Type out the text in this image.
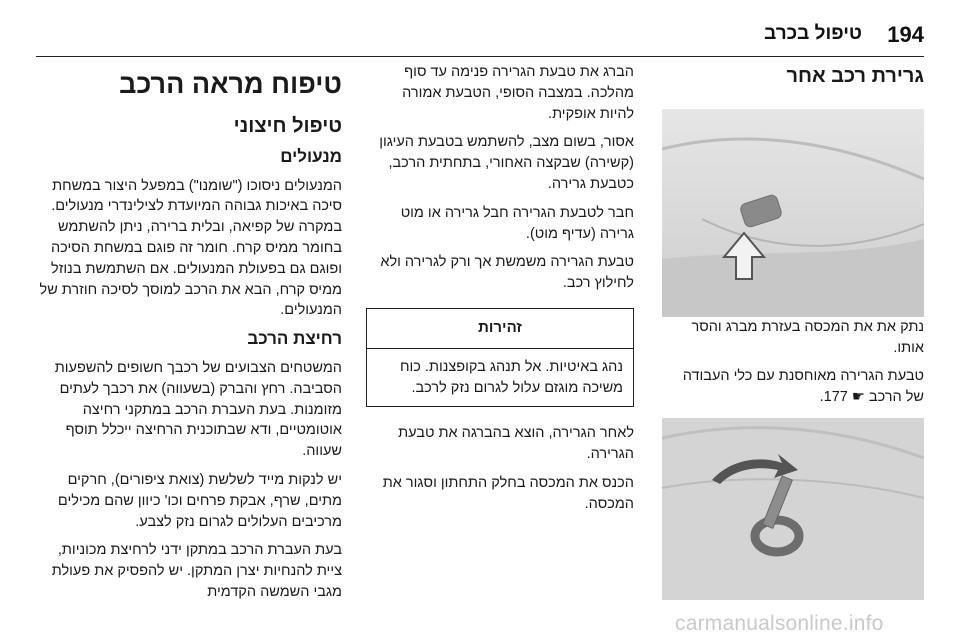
194
טיפול בכרב
גרירת רכב אחר

נתק את את המכסה בעזרת מברג והסר אותו.

טבעת הגרירה מאוחסנת עם כלי העבודה של הרכב ☛ 177.

הברג את טבעת הגרירה פנימה עד סוף מהלכה. במצבה הסופי, הטבעת אמורה להיות אופקית.

אסור, בשום מצב, להשתמש בטבעת העיגון (קשירה) שבקצה האחורי, בתחתית הרכב, כטבעת גרירה.

חבר לטבעת הגרירה חבל גרירה או מוט גרירה (עדיף מוט).

טבעת הגרירה משמשת אך ורק לגרירה ולא לחילוץ רכב.

זהירות
נהג באיטיות. אל תנהג בקופצנות. כוח משיכה מוגזם עלול לגרום נזק לרכב.

לאחר הגרירה, הוצא בהברגה את טבעת הגרירה.

הכנס את המכסה בחלק התחתון וסגור את המכסה.

טיפוח מראה הרכב
טיפול חיצוני
מנעולים

המנעולים ניסוכו ("שומנו") במפעל היצור במשחת סיכה באיכות גבוהה המיועדת לצילינדרי מנעולים. במקרה של קפיאה, ובלית ברירה, ניתן להשתמש בחומר ממיס קרח. חומר זה פוגם במשחת הסיכה ופוגם גם בפעולת המנעולים. אם השתמשת בנוזל ממיס קרח, הבא את הרכב למוסך לסיכה חוזרת של המנעולים.

רחיצת הרכב

המשטחים הצבועים של רכבך חשופים להשפעות הסביבה. רחץ והברק (בשעווה) את רכבך לעתים מזומנות. בעת העברת הרכב במתקני רחיצה אוטומטיים, ודא שבתוכנית הרחיצה ייכלל תוסף שעווה.

יש לנקות מייד לשלשת (צואת ציפורים), חרקים מתים, שרף, אבקת פרחים וכו' כיוון שהם מכילים מרכיבים העלולים לגרום נזק לצבע.

בעת העברת הרכב במתקן ידני לרחיצת מכוניות, ציית להנחיות יצרן המתקן. יש להפסיק את פעולת מגבי השמשה הקדמית

carmanualsonline.info
